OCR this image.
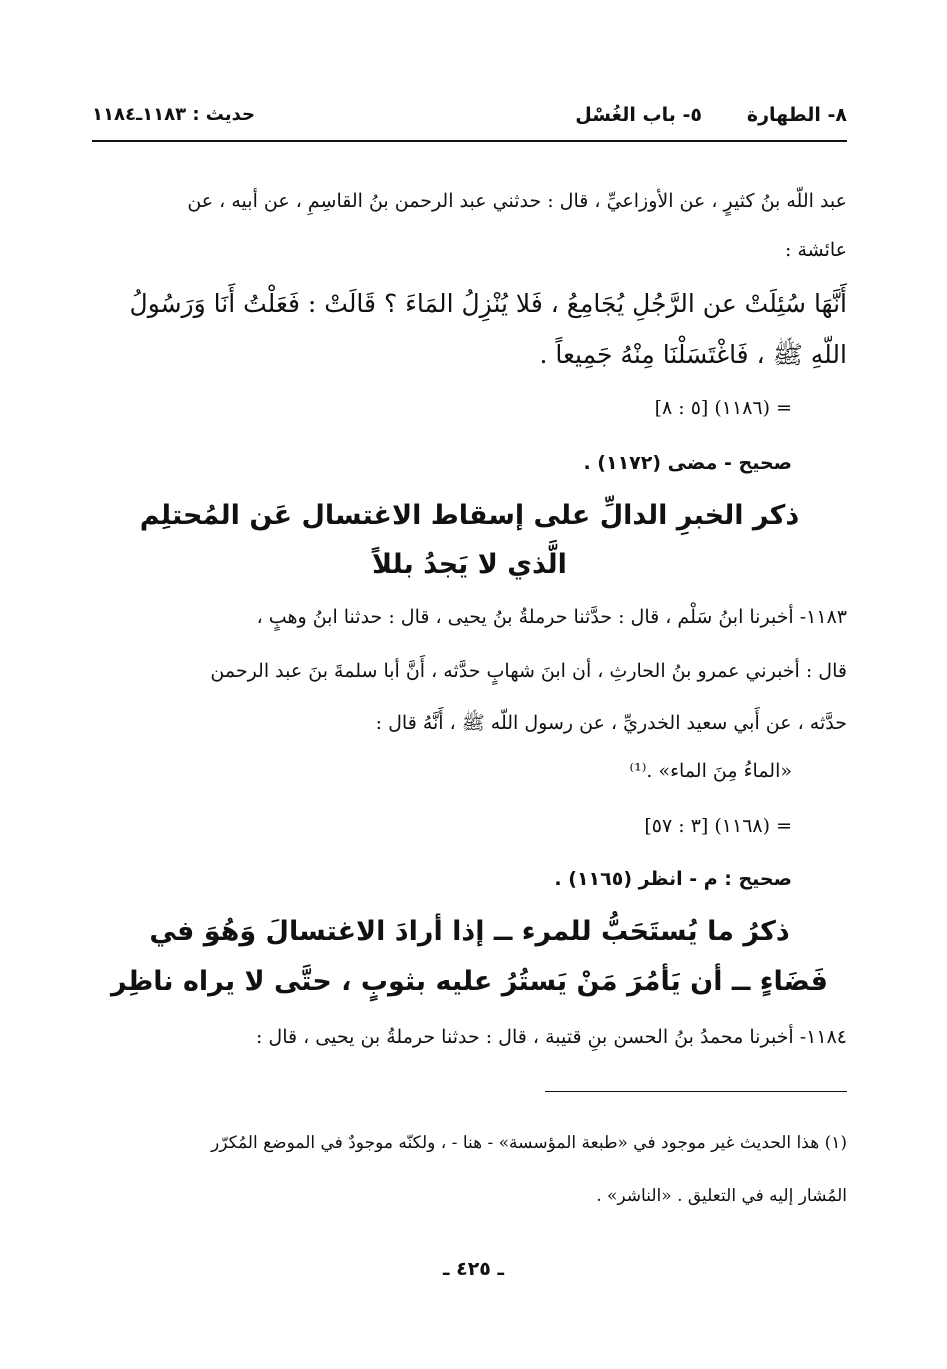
٨- الطهارة
٥- باب الغُسْل
حديث : ١١٨٣ـ١١٨٤
عبد اللّه بنُ كثيرٍ ، عن الأوزاعيِّ ، قال : حدثني عبد الرحمن بنُ القاسِمِ ، عن أبيه ، عن
عائشة :
أَنَّهَا سُئِلَتْ عن الرَّجُلِ يُجَامِعُ ، فَلا يُنْزِلُ المَاءَ ؟ قَالَتْ : فَعَلْتُ أَنَا وَرَسُولُ
اللّهِ ﷺ ، فَاغْتَسَلْنَا مِنْهُ جَمِيعاً .
= (١١٨٦) [٥ : ٨]
صحيح - مضى (١١٧٢) .
ذكر الخبرِ الدالِّ على إسقاط الاغتسال عَن المُحتلِم
الَّذي لا يَجدُ بللاً
١١٨٣- أخبرنا ابنُ سَلْم ، قال : حدَّثنا حرملةُ بنُ يحيى ، قال : حدثنا ابنُ وهبٍ ،
قال : أخبرني عمرو بنُ الحارثِ ، أن ابنَ شهابٍ حدَّثه ، أَنَّ أبا سلمةَ بنَ عبد الرحمن
حدَّثه ، عن أَبي سعيد الخدريِّ ، عن رسول اللّه ﷺ ، أَنَّهُ قال :
«الماءُ مِنَ الماء» .⁽¹⁾
= (١١٦٨) [٣ : ٥٧]
صحيح : م - انظر (١١٦٥) .
ذكرُ ما يُستَحَبُّ للمرء ــ إذا أرادَ الاغتسالَ وَهُوَ في
فَضَاءٍ ــ أن يَأمُرَ مَنْ يَستُرُ عليه بثوبٍ ، حتَّى لا يراه ناظِر
١١٨٤- أخبرنا محمدُ بنُ الحسن بنِ قتيبة ، قال : حدثنا حرملةُ بن يحيى ، قال :
(١) هذا الحديث غير موجود في «طبعة المؤسسة» - هنا - ، ولكنّه موجودٌ في الموضع المُكرّر
المُشار إليه في التعليق . «الناشر» .
ـ ٤٢٥ ـ
